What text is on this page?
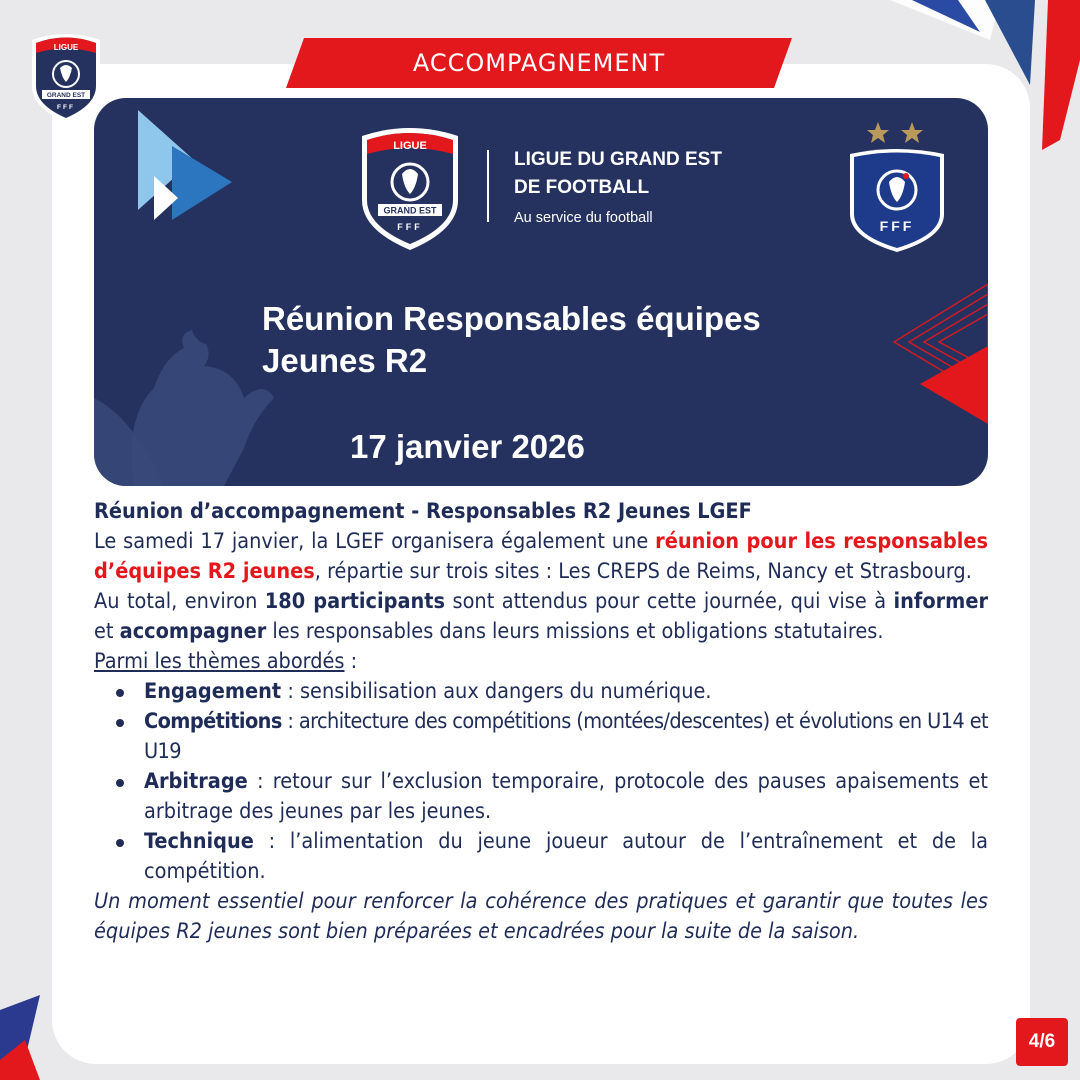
LIGUE
GRAND EST
FFF
ACCOMPAGNEMENT
LIGUE
GRAND EST
FFF
LIGUE DU GRAND EST
DE FOOTBALL
Au service du football	FFF
Réunion Responsables équipes
Jeunes R2
17 janvier 2026

Réunion d’accompagnement - Responsables R2 Jeunes LGEF

Le samedi 17 janvier, la LGEF organisera également une réunion pour les responsables d’équipes R2 jeunes, répartie sur trois sites : Les CREPS de Reims, Nancy et Strasbourg.

Au total, environ 180 participants sont attendus pour cette journée, qui vise à informer et accompagner les responsables dans leurs missions et obligations statutaires.

Parmi les thèmes abordés :

Engagement : sensibilisation aux dangers du numérique.
Compétitions : architecture des compétitions (montées/descentes) et évolutions en U14 et U19
Arbitrage : retour sur l’exclusion temporaire, protocole des pauses apaisements et arbitrage des jeunes par les jeunes.
Technique : l’alimentation du jeune joueur autour de l’entraînement et de la compétition.

Un moment essentiel pour renforcer la cohérence des pratiques et garantir que toutes les équipes R2 jeunes sont bien préparées et encadrées pour la suite de la saison.

4/6
